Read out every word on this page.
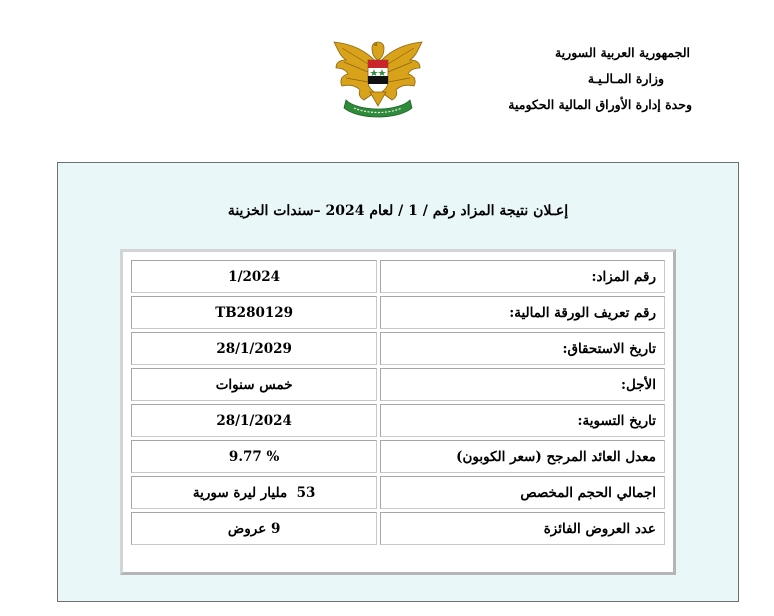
الجمهورية العربية السورية
وزارة المـالـيـة
وحدة إدارة الأوراق المالية الحكومية
إعـلان نتيجة المزاد رقم / 1 / لعام 2024 –سندات الخزينة
رقم المزاد:	1/2024
رقم تعريف الورقة المالية:	TB280129
تاريخ الاستحقاق:	28/1/2029
الأجل:	خمس سنوات
تاريخ التسوية:	28/1/2024
معدل العائد المرجح (سعر الكوبون)	9.77 %
اجمالي الحجم المخصص	53  مليار ليرة سورية
عدد العروض الفائزة	9 عروض
